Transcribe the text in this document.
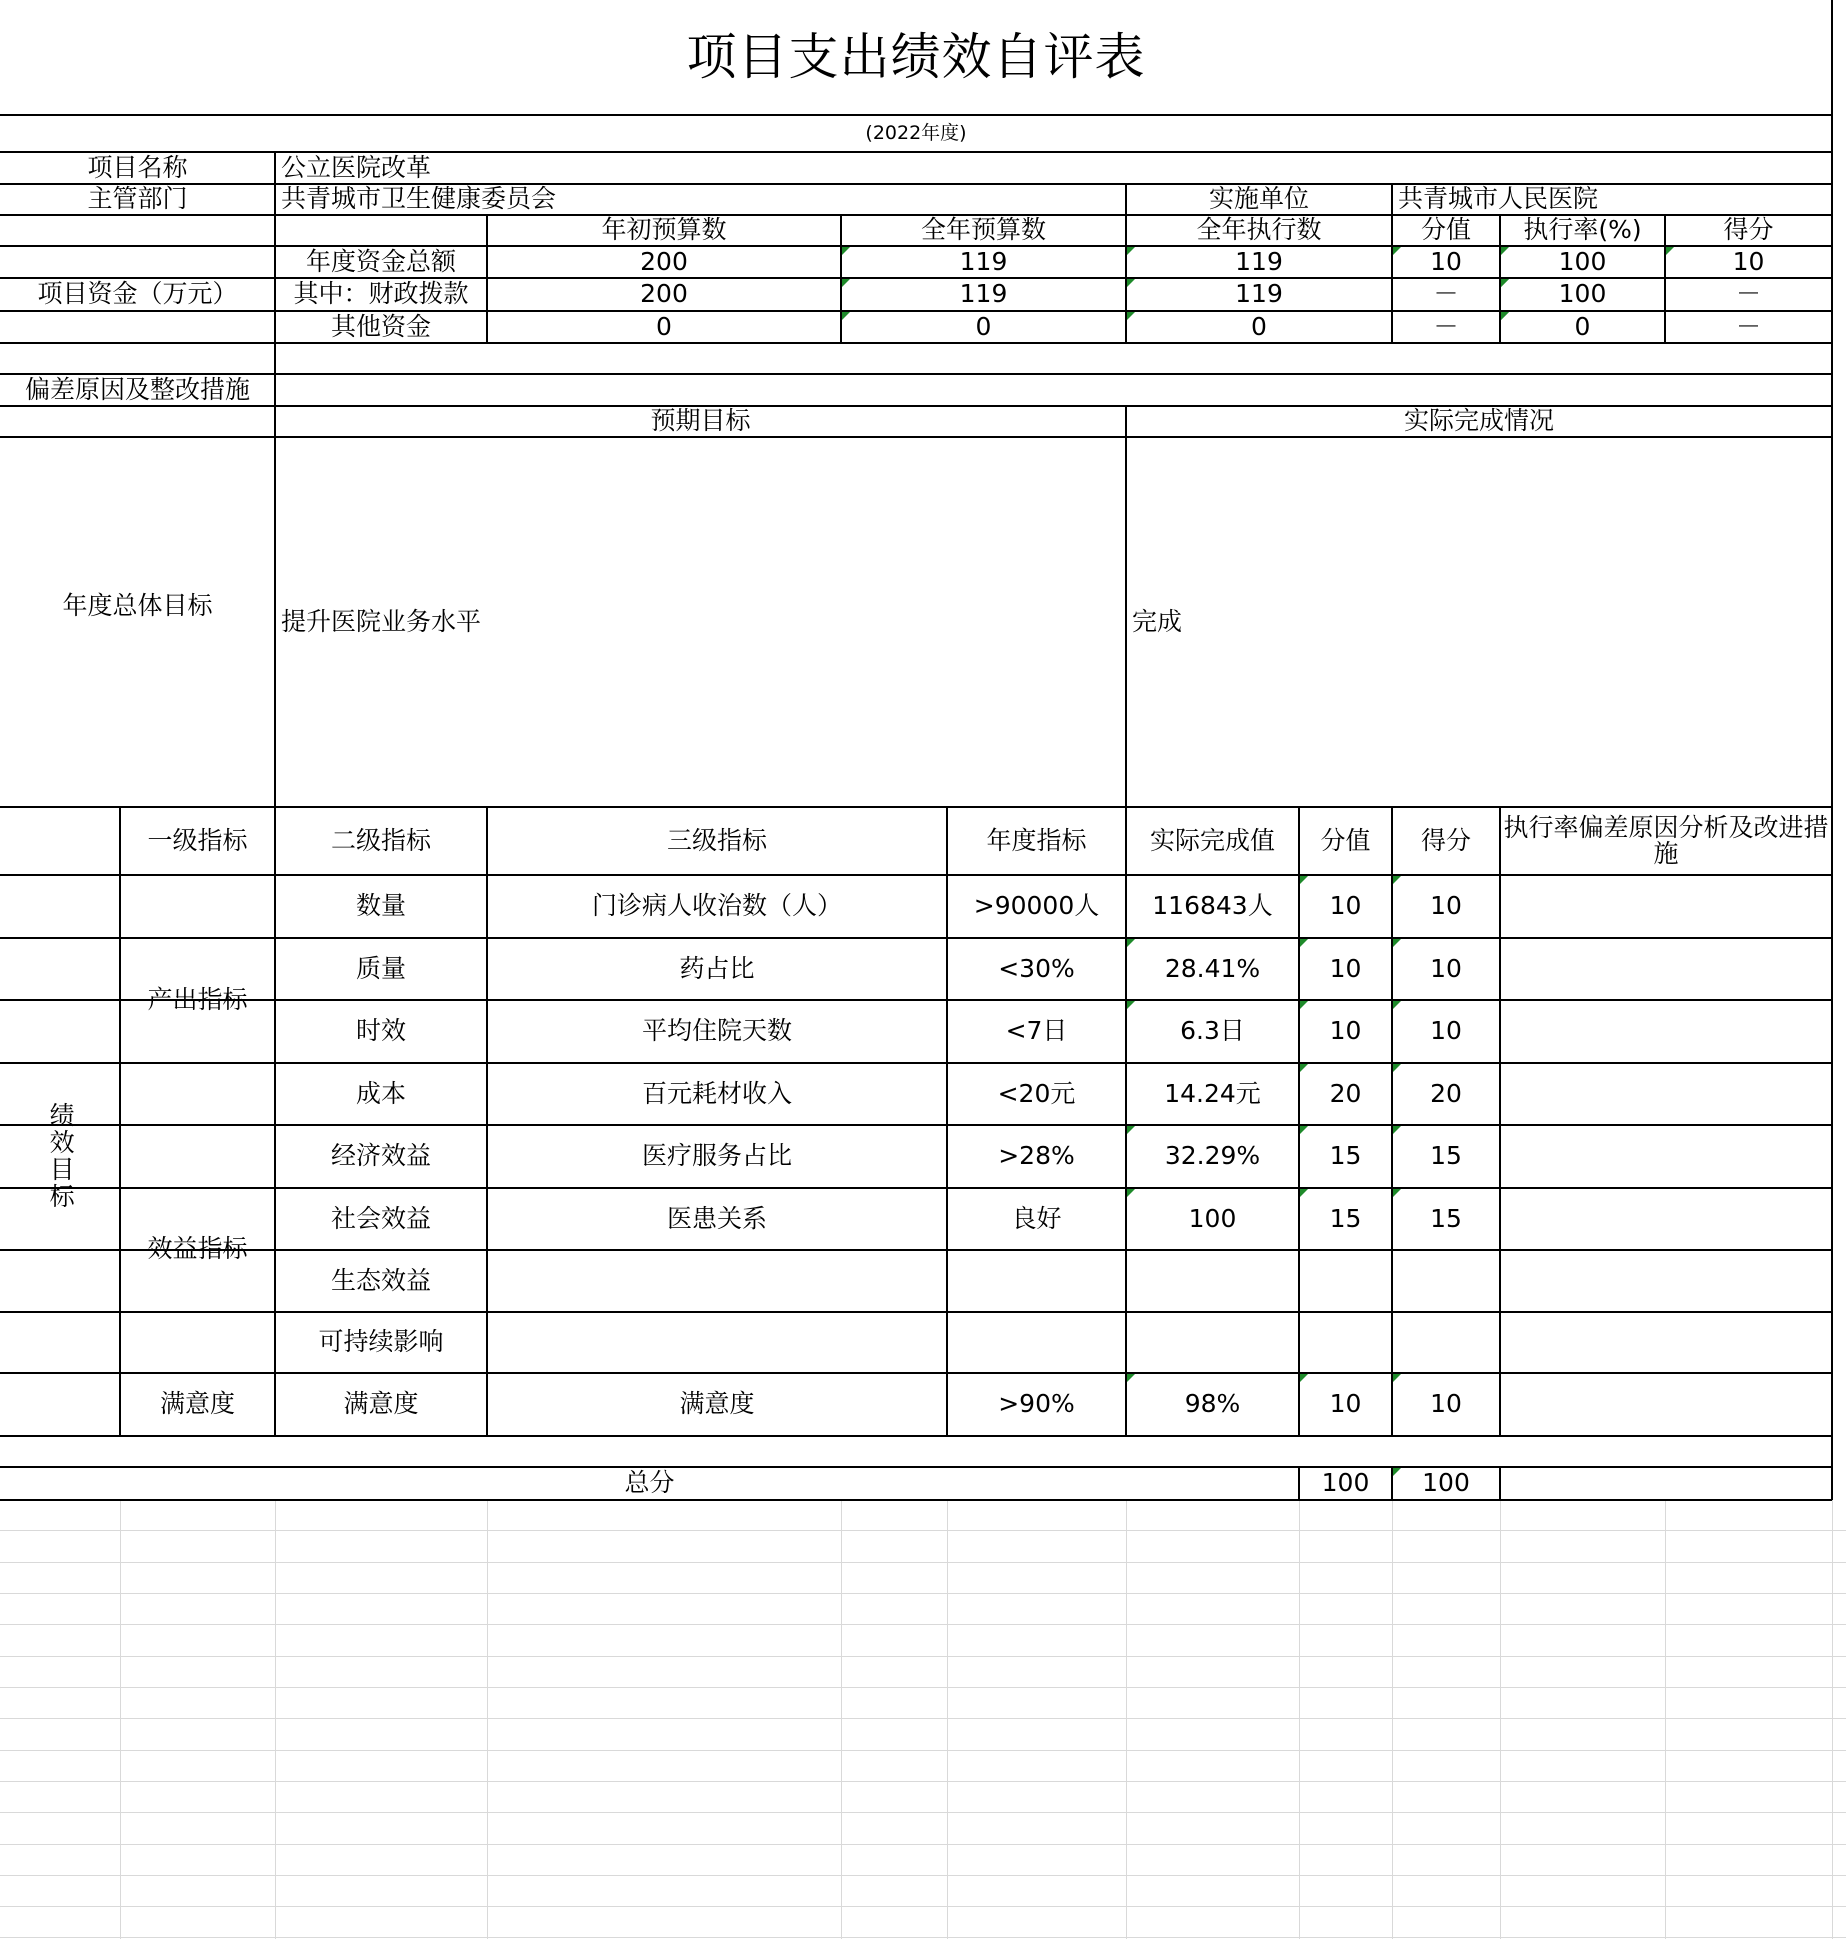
项目支出绩效自评表
(2022年度)
项目名称	公立医院改革
主管部门	共青城市卫生健康委员会	实施单位	共青城市人民医院
年初预算数	全年预算数	全年执行数	分值	执行率(%)	得分
项目资金（万元）
年度资金总额	200	119	119	10	100	10
其中：财政拨款	200	119	119	－	100	－
其他资金	0	0	0	－	0	－
偏差原因及整改措施
年度总体目标
预期目标	实际完成情况
提升医院业务水平	完成
一级指标	二级指标	三级指标	年度指标	实际完成值	分值	得分	执行率偏差原因分析及改进措施
绩效目标
产出指标
效益指标
满意度
数量	门诊病人收治数（人）	>90000人	116843人	10	10
质量	药占比	<30%	28.41%	10	10
时效	平均住院天数	<7日	6.3日	10	10
成本	百元耗材收入	<20元	14.24元	20	20
经济效益	医疗服务占比	>28%	32.29%	15	15
社会效益	医患关系	良好	100	15	15
生态效益
可持续影响
满意度	满意度	>90%	98%	10	10
总分	100	100
